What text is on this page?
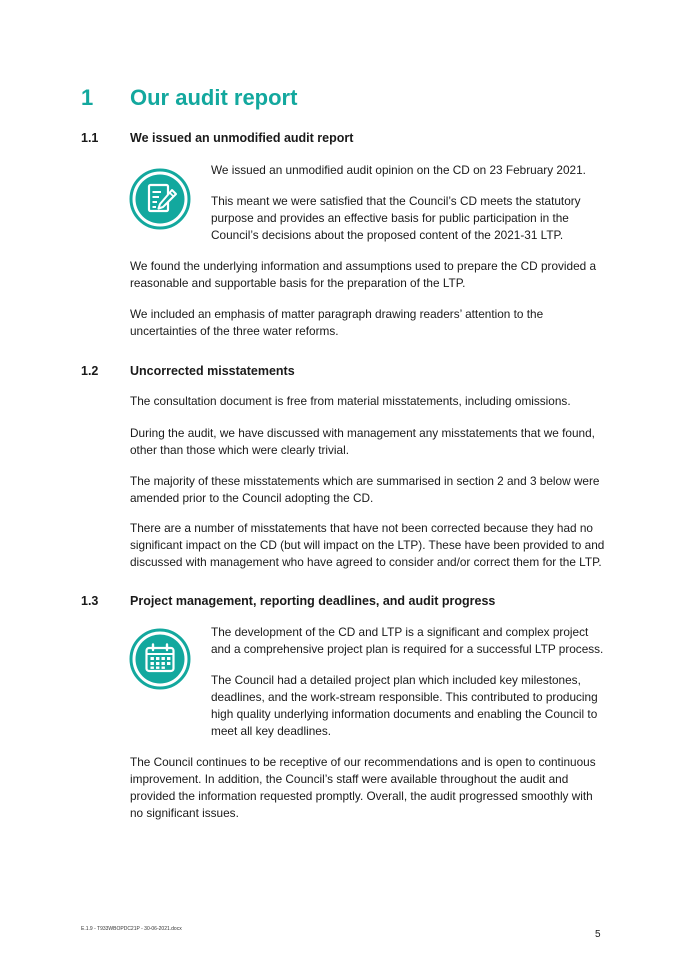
1 Our audit report
1.1	We issued an unmodified audit report
We issued an unmodified audit opinion on the CD on 23 February 2021.
This meant we were satisfied that the Council’s CD meets the statutory purpose and provides an effective basis for public participation in the Council’s decisions about the proposed content of the 2021-31 LTP.
We found the underlying information and assumptions used to prepare the CD provided a reasonable and supportable basis for the preparation of the LTP.
We included an emphasis of matter paragraph drawing readers’ attention to the uncertainties of the three water reforms.
1.2	Uncorrected misstatements
The consultation document is free from material misstatements, including omissions.
During the audit, we have discussed with management any misstatements that we found, other than those which were clearly trivial.
The majority of these misstatements which are summarised in section 2 and 3 below were amended prior to the Council adopting the CD.
There are a number of misstatements that have not been corrected because they had no significant impact on the CD (but will impact on the LTP). These have been provided to and discussed with management who have agreed to consider and/or correct them for the LTP.
1.3	Project management, reporting deadlines, and audit progress
The development of the CD and LTP is a significant and complex project and a comprehensive project plan is required for a successful LTP process.
The Council had a detailed project plan which included key milestones, deadlines, and the work-stream responsible. This contributed to producing high quality underlying information documents and enabling the Council to meet all key deadlines.
The Council continues to be receptive of our recommendations and is open to continuous improvement. In addition, the Council’s staff were available throughout the audit and provided the information requested promptly. Overall, the audit progressed smoothly with no significant issues.
E.1.9 - T933WBOPDC21P - 30-06-2021.docx	5
